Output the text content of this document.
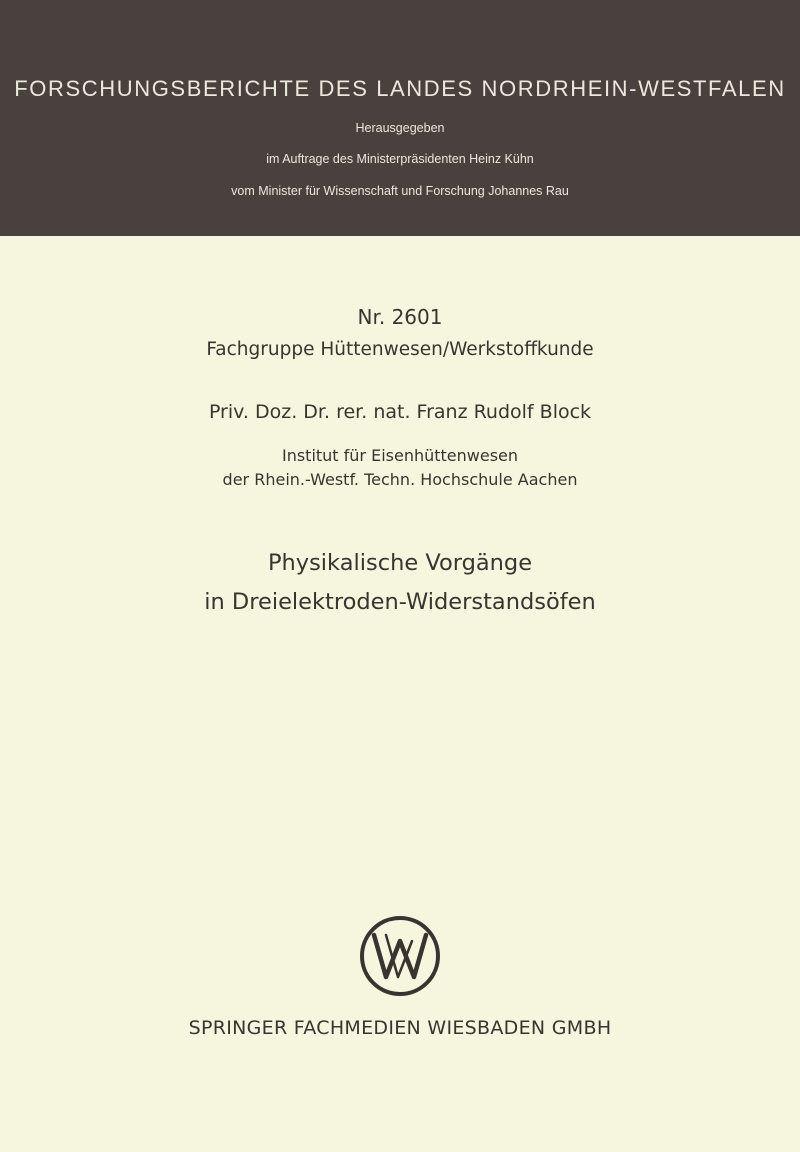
FORSCHUNGSBERICHTE DES LANDES NORDRHEIN-WESTFALEN
Herausgegeben
im Auftrage des Ministerpräsidenten Heinz Kühn
vom Minister für Wissenschaft und Forschung Johannes Rau
Nr. 2601
Fachgruppe Hüttenwesen/Werkstoffkunde
Priv. Doz. Dr. rer. nat. Franz Rudolf Block
Institut für Eisenhüttenwesen
der Rhein.-Westf. Techn. Hochschule Aachen
Physikalische Vorgänge
in Dreielektroden-Widerstandsöfen
SPRINGER FACHMEDIEN WIESBADEN GMBH
